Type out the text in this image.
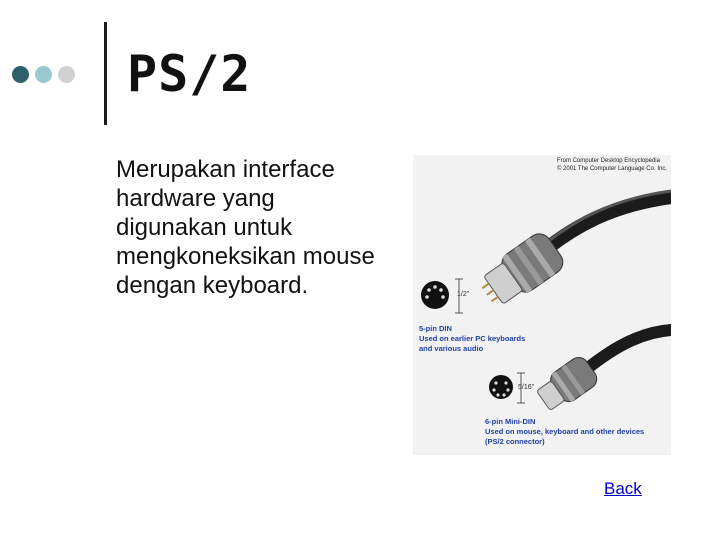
PS/2
Merupakan interface hardware yang digunakan untuk mengkoneksikan mouse dengan keyboard.
From Computer Desktop Encyclopedia
© 2001 The Computer Language Co. Inc.
1/2"
5-pin DIN
Used on earlier PC keyboards
and various audio
5/16"
6-pin Mini-DIN
Used on mouse, keyboard and other devices
(PS/2 connector)
Back
